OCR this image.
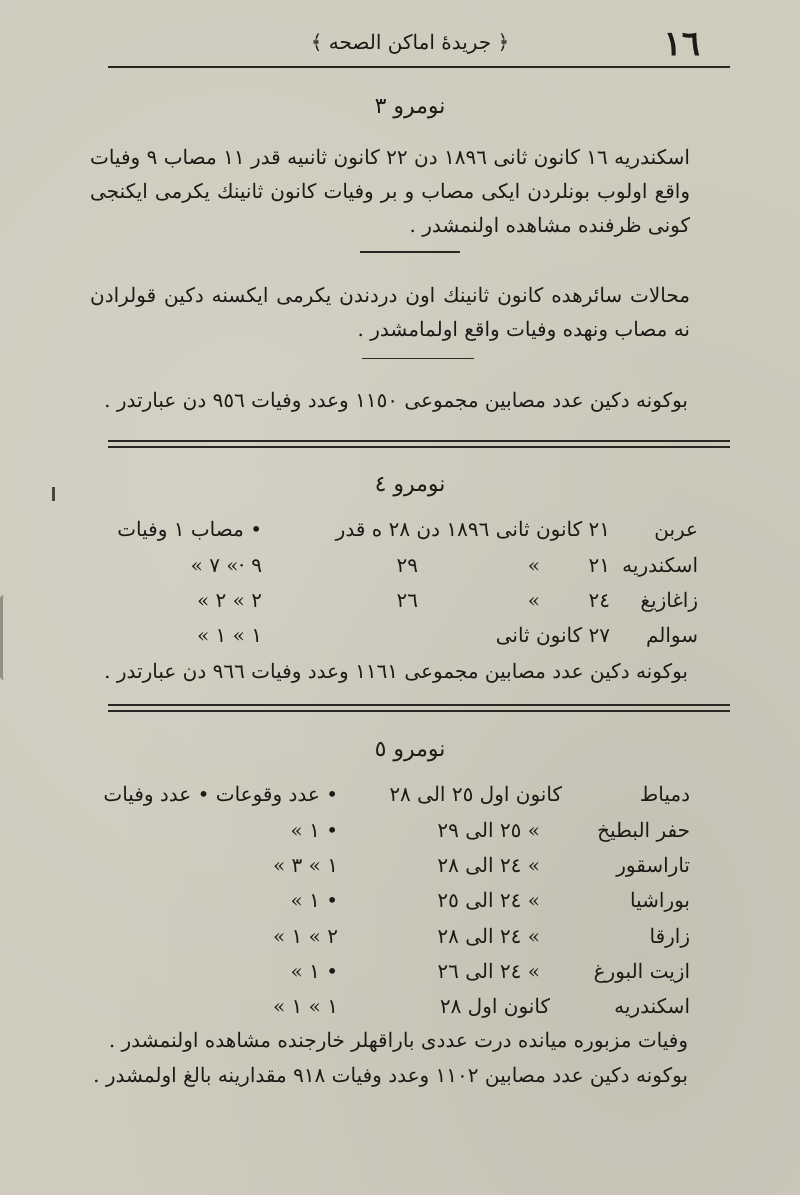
١٦
﴿ جريدهٔ اماكن الصحه ﴾
نومرو ٣
اسكندريه ١٦ كانون ثانى ١٨٩٦ دن ٢٢ كانون ثانىيه قدر ١١ مصاب ٩ وفيات واقع اولوب بونلردن ايكى مصاب و بر وفيات كانون ثانينك يكرمى ايكنجى كونى ظرفنده مشاهده اولنمشدر .
محالات سائرهده كانون ثانينك اون دردندن يكرمى ايكسنه دكين قولرادن نه مصاب ونهده وفيات واقع اولمامشدر .
بوكونه دكين عدد مصابين مجموعى ١١٥٠ وعدد وفيات ٩٥٦ دن عبارتدر .
نومرو ٤
عربن
٢١ كانون ثانى ١٨٩٦ دن ٢٨ ه قدر
• مصاب ١ وفيات
اسكندريه
٢١
»
٢٩
٩ ·» ٧ »
زاغازيغ
٢٤
»
٢٦
٢ » ٢ »
سوالم
٢٧ كانون ثانى
١ » ١ »
بوكونه دكين عدد مصابين مجموعى ١١٦١ وعدد وفيات ٩٦٦ دن عبارتدر .
نومرو ٥
دمياط
كانون اول ٢٥ الى ٢٨
• عدد وقوعات • عدد وفيات
حفر البطيخ
» ٢٥ الى ٢٩
• ١ »
تاراسقور
» ٢٤ الى ٢٨
١ » ٣ »
بوراشيا
» ٢٤ الى ٢٥
• ١ »
زارقا
» ٢٤ الى ٢٨
٢ » ١ »
ازيت البورغ
» ٢٤ الى ٢٦
• ١ »
اسكندريه
كانون اول ٢٨
١ » ١ »
وفيات مزبوره ميانده درت عددى باراقهلر خارجنده مشاهده اولنمشدر .
بوكونه دكين عدد مصابين ١١٠٢ وعدد وفيات ٩١٨ مقدارينه بالغ اولمشدر .
